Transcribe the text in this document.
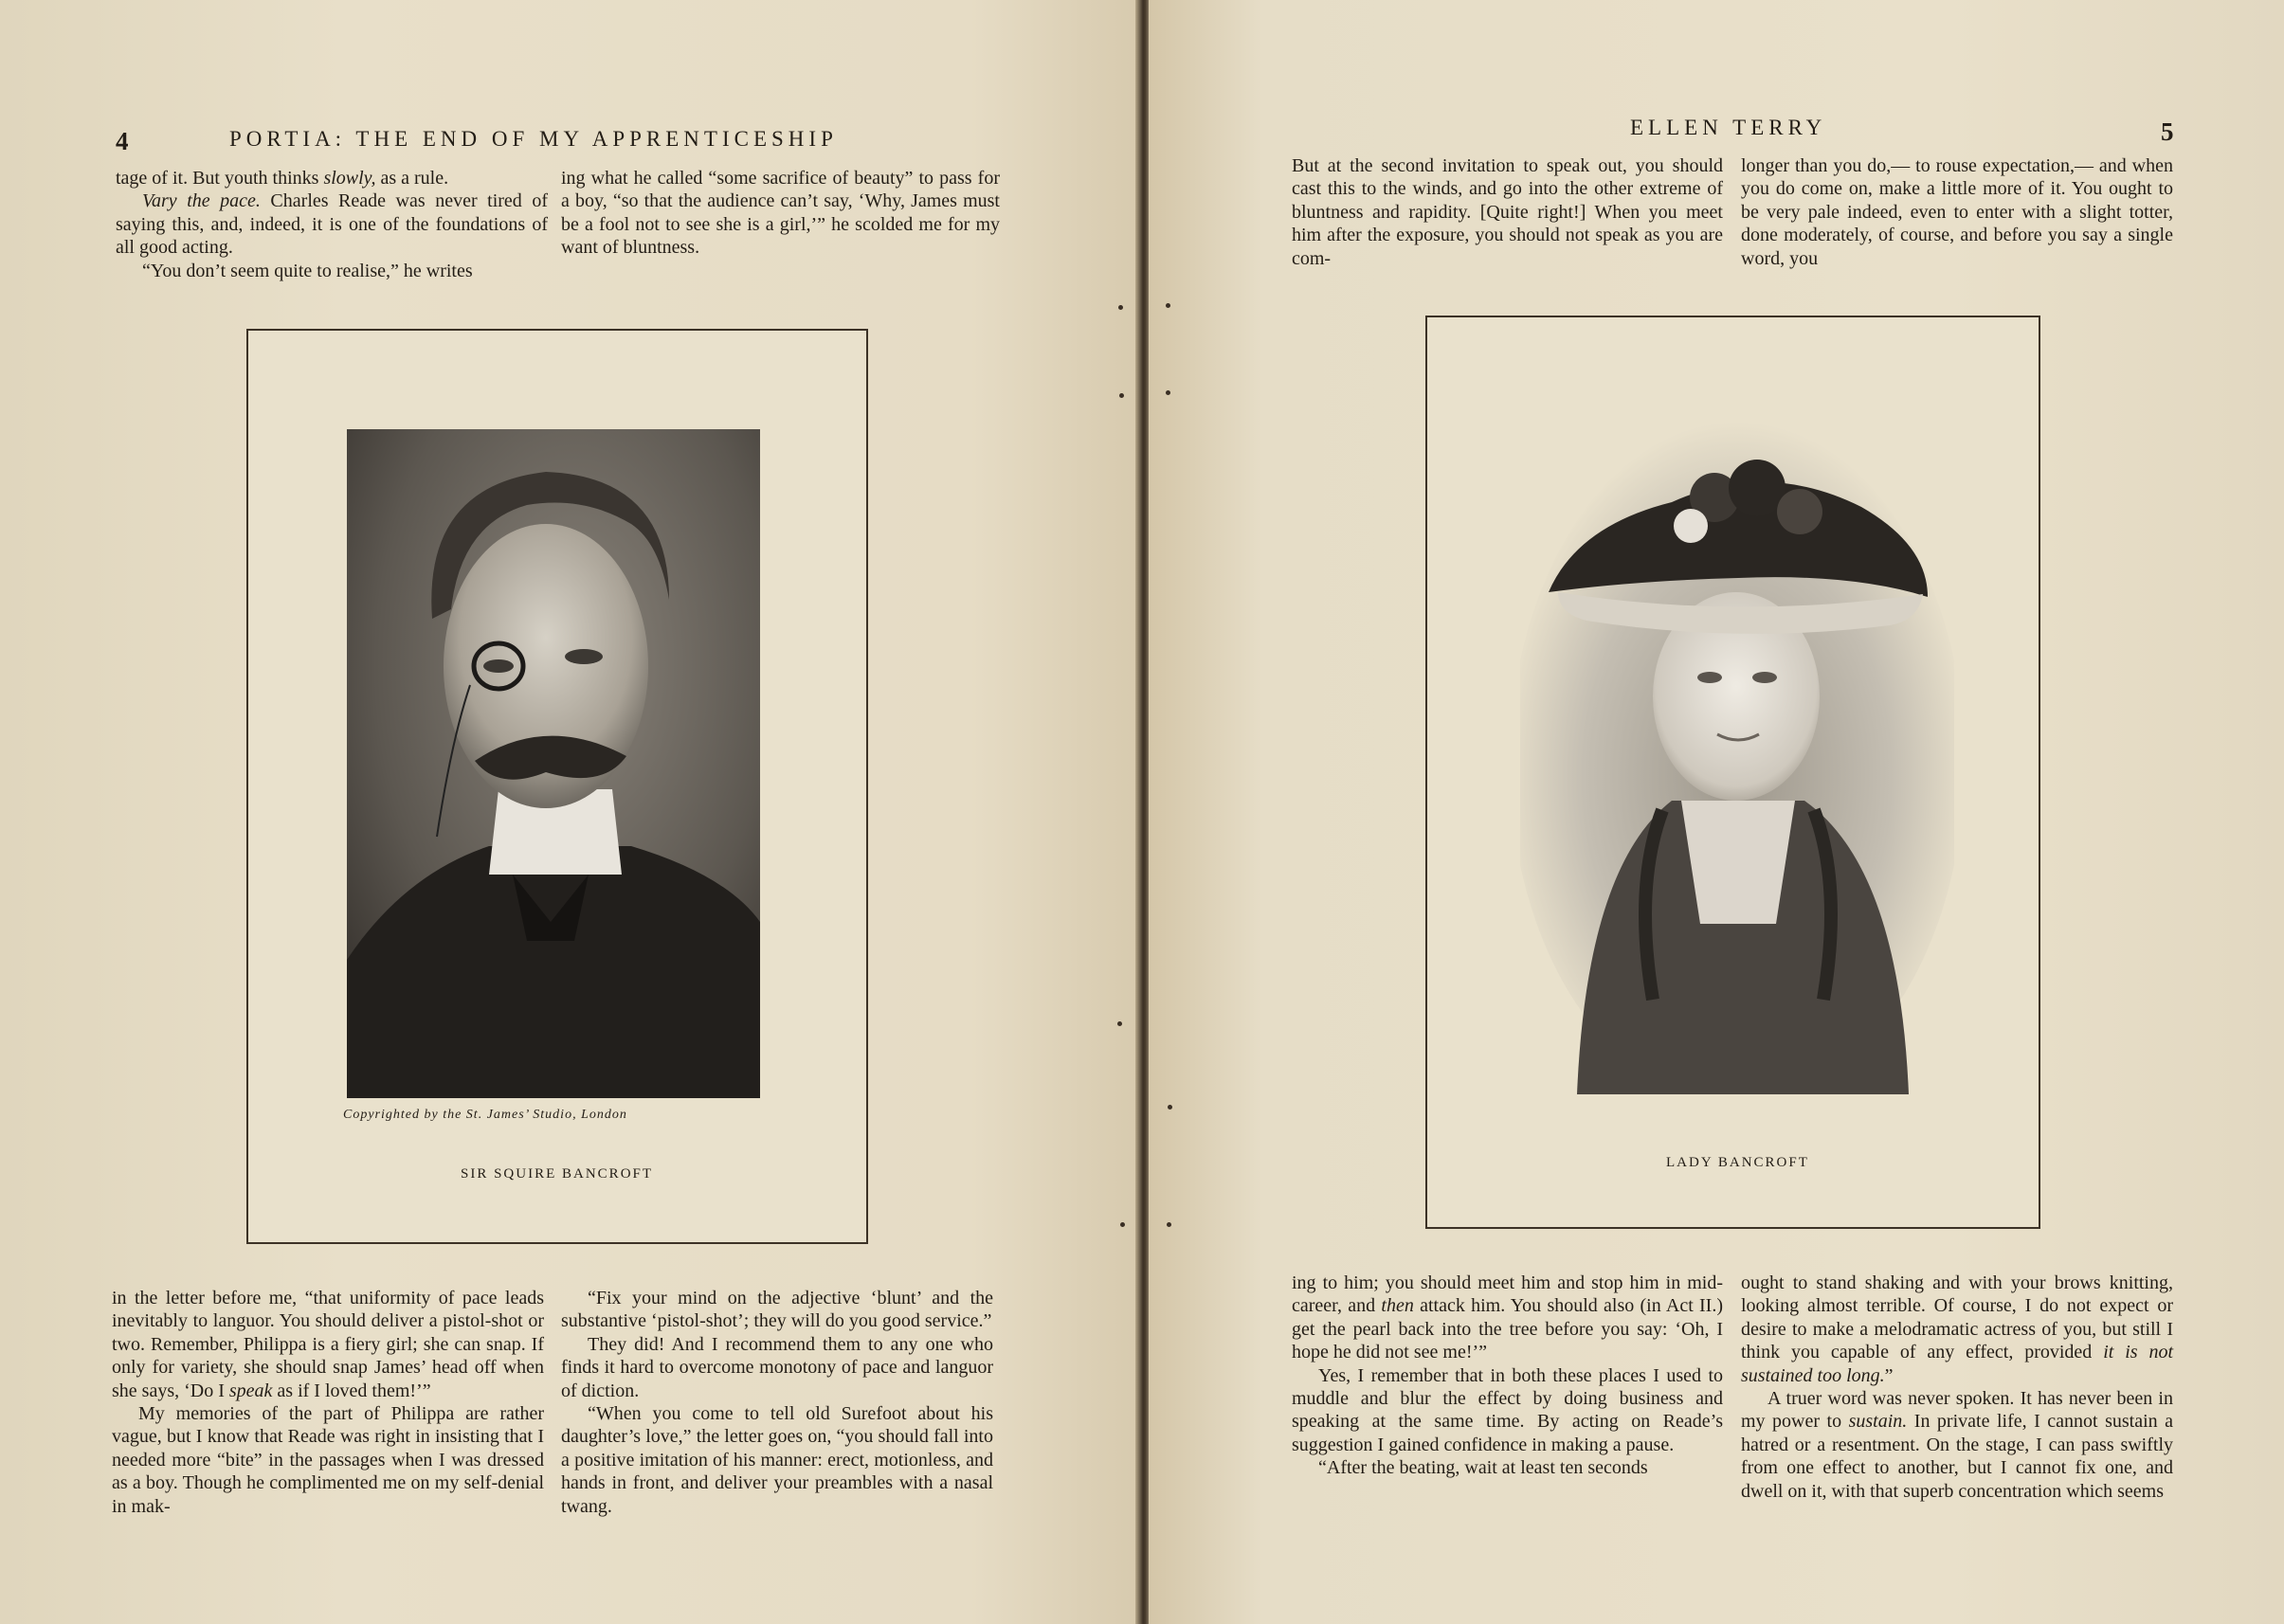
4	PORTIA: THE END OF MY APPRENTICESHIP

tage of it. But youth thinks slowly, as a rule.

Vary the pace. Charles Reade was never tired of saying this, and, indeed, it is one of the foundations of all good acting.

“You don’t seem quite to realise,” he writes

ing what he called “some sacrifice of beauty” to pass for a boy, “so that the audience can’t say, ‘Why, James must be a fool not to see she is a girl,’” he scolded me for my want of bluntness.

Copyrighted by the St. James’ Studio, London
SIR SQUIRE BANCROFT

in the letter before me, “that uniformity of pace leads inevitably to languor. You should deliver a pistol-shot or two. Remember, Philippa is a fiery girl; she can snap. If only for variety, she should snap James’ head off when she says, ‘Do I speak as if I loved them!’”

My memories of the part of Philippa are rather vague, but I know that Reade was right in insisting that I needed more “bite” in the passages when I was dressed as a boy. Though he complimented me on my self-denial in mak-

“Fix your mind on the adjective ‘blunt’ and the substantive ‘pistol-shot’; they will do you good service.”

They did! And I recommend them to any one who finds it hard to overcome monotony of pace and languor of diction.

“When you come to tell old Surefoot about his daughter’s love,” the letter goes on, “you should fall into a positive imitation of his manner: erect, motionless, and hands in front, and deliver your preambles with a nasal twang.

ELLEN TERRY	5

But at the second invitation to speak out, you should cast this to the winds, and go into the other extreme of bluntness and rapidity. [Quite right!] When you meet him after the exposure, you should not speak as you are com-

longer than you do,— to rouse expectation,— and when you do come on, make a little more of it. You ought to be very pale indeed, even to enter with a slight totter, done moderately, of course, and before you say a single word, you

LADY BANCROFT

ing to him; you should meet him and stop him in mid-career, and then attack him. You should also (in Act II.) get the pearl back into the tree before you say: ‘Oh, I hope he did not see me!’”

Yes, I remember that in both these places I used to muddle and blur the effect by doing business and speaking at the same time. By acting on Reade’s suggestion I gained confidence in making a pause.

“After the beating, wait at least ten seconds

ought to stand shaking and with your brows knitting, looking almost terrible. Of course, I do not expect or desire to make a melodramatic actress of you, but still I think you capable of any effect, provided it is not sustained too long.”

A truer word was never spoken. It has never been in my power to sustain. In private life, I cannot sustain a hatred or a resentment. On the stage, I can pass swiftly from one effect to another, but I cannot fix one, and dwell on it, with that superb concentration which seems
